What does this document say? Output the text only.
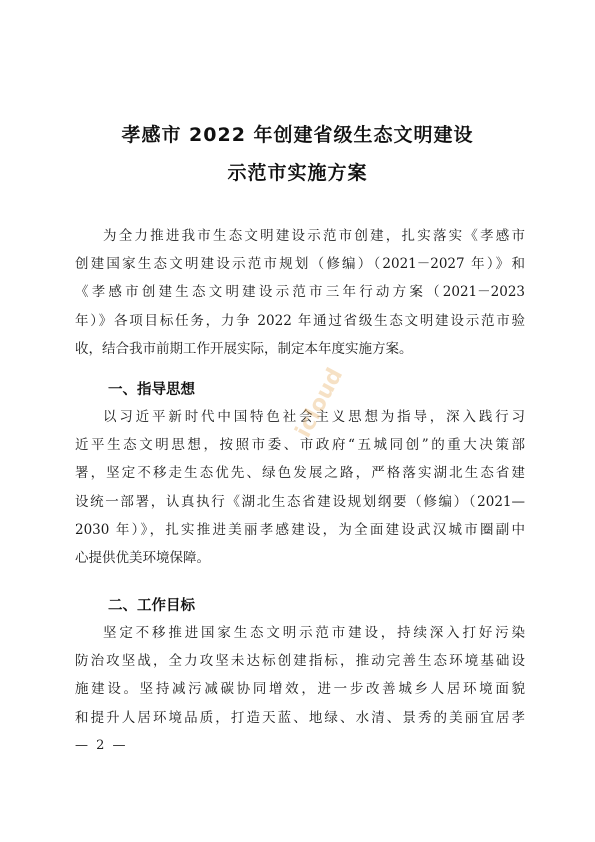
孝感市 2022 年创建省级生态文明建设
示范市实施方案
为全力推进我市生态文明建设示范市创建，扎实落实《孝感市
创建国家生态文明建设示范市规划（修编）（2021－2027 年）》和
《孝感市创建生态文明建设示范市三年行动方案（2021－2023
年）》各项目标任务，力争 2022 年通过省级生态文明建设示范市验
收，结合我市前期工作开展实际，制定本年度实施方案。
一、指导思想
以习近平新时代中国特色社会主义思想为指导，深入践行习
近平生态文明思想，按照市委、市政府“五城同创”的重大决策部
署，坚定不移走生态优先、绿色发展之路，严格落实湖北生态省建
设统一部署，认真执行《湖北生态省建设规划纲要（修编）（2021—
2030 年）》，扎实推进美丽孝感建设，为全面建设武汉城市圈副中
心提供优美环境保障。
二、工作目标
坚定不移推进国家生态文明示范市建设，持续深入打好污染
防治攻坚战，全力攻坚未达标创建指标，推动完善生态环境基础设
施建设。坚持减污减碳协同增效，进一步改善城乡人居环境面貌
和提升人居环境品质，打造天蓝、地绿、水清、景秀的美丽宜居孝
icloud
— 2 —
